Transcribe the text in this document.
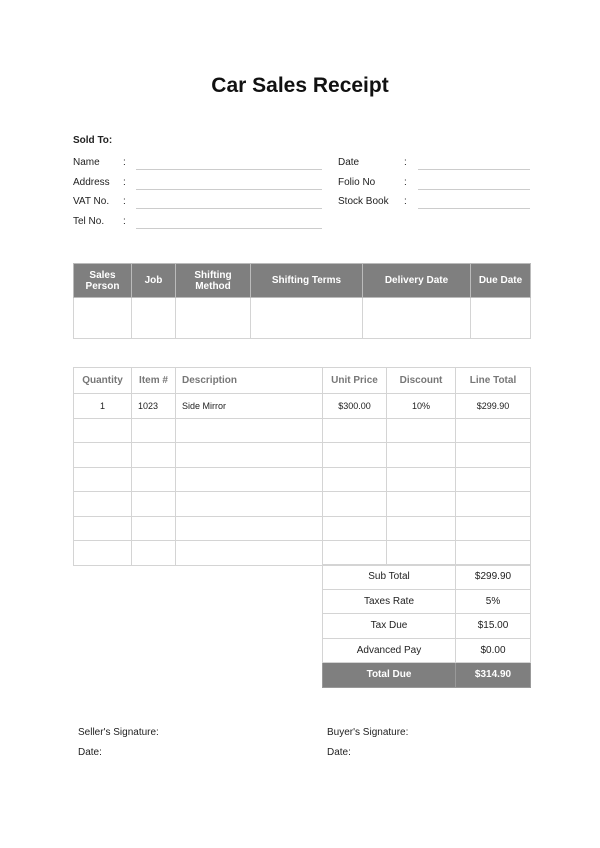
Car Sales Receipt
Sold To:
Name :
Address :
VAT No. :
Tel No. :
Date	:
Folio No	:
Stock Book :
Sales Person	Job	Shifting Method	Shifting Terms	Delivery Date	Due Date

Quantity	Item #	Description	Unit Price	Discount	Line Total
1	1023	Side Mirror	$300.00	10%	$299.90

Sub Total	$299.90
Taxes Rate	5%
Tax Due	$15.00
Advanced Pay	$0.00
Total Due	$314.90
Seller's Signature:
Date:
Buyer's Signature:
Date:
